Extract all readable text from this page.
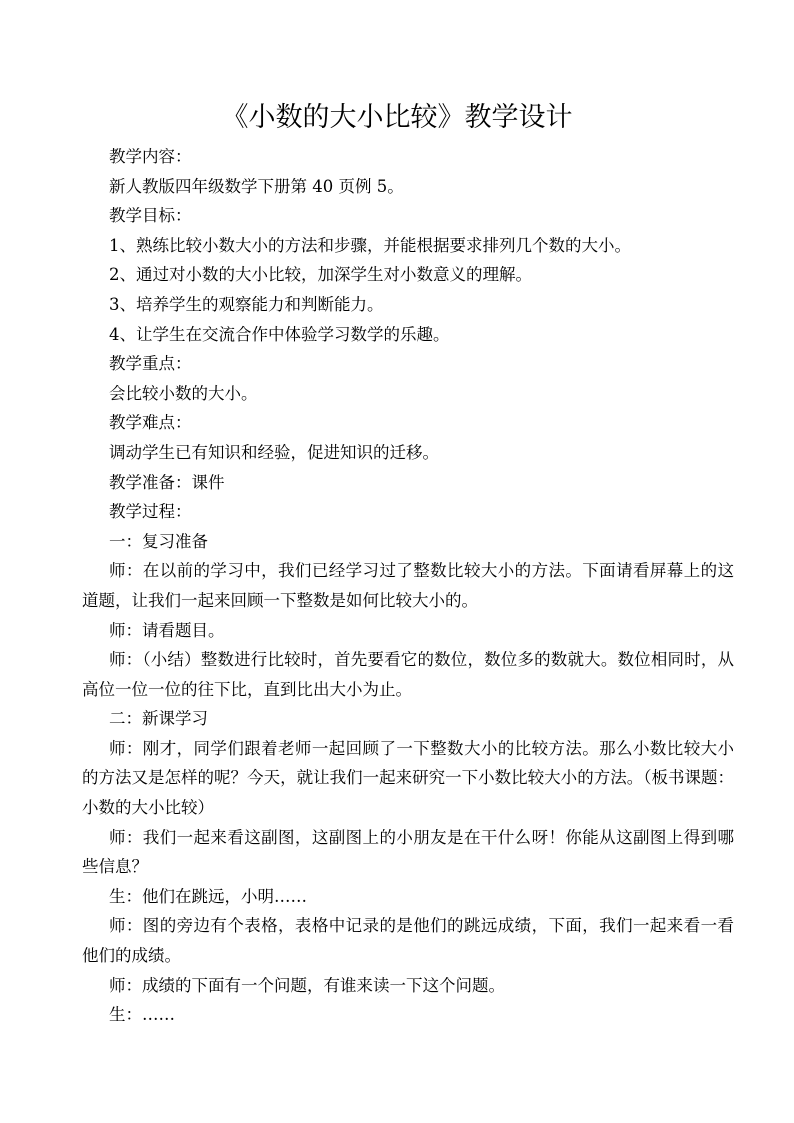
《小数的大小比较》教学设计

教学内容：

新人教版四年级数学下册第 40 页例 5。

教学目标：

1、熟练比较小数大小的方法和步骤，并能根据要求排列几个数的大小。

2、通过对小数的大小比较，加深学生对小数意义的理解。

3、培养学生的观察能力和判断能力。

4、让学生在交流合作中体验学习数学的乐趣。

教学重点：

会比较小数的大小。

教学难点：

调动学生已有知识和经验，促进知识的迁移。

教学准备：课件

教学过程：

一：复习准备

师：在以前的学习中，我们已经学习过了整数比较大小的方法。下面请看屏幕上的这道题，让我们一起来回顾一下整数是如何比较大小的。

师：请看题目。

师：（小结）整数进行比较时，首先要看它的数位，数位多的数就大。数位相同时，从高位一位一位的往下比，直到比出大小为止。

二：新课学习

师：刚才，同学们跟着老师一起回顾了一下整数大小的比较方法。那么小数比较大小的方法又是怎样的呢？今天，就让我们一起来研究一下小数比较大小的方法。（板书课题：小数的大小比较）

师：我们一起来看这副图，这副图上的小朋友是在干什么呀！你能从这副图上得到哪些信息？

生：他们在跳远，小明……

师：图的旁边有个表格，表格中记录的是他们的跳远成绩，下面，我们一起来看一看他们的成绩。

师：成绩的下面有一个问题，有谁来读一下这个问题。

生：……
